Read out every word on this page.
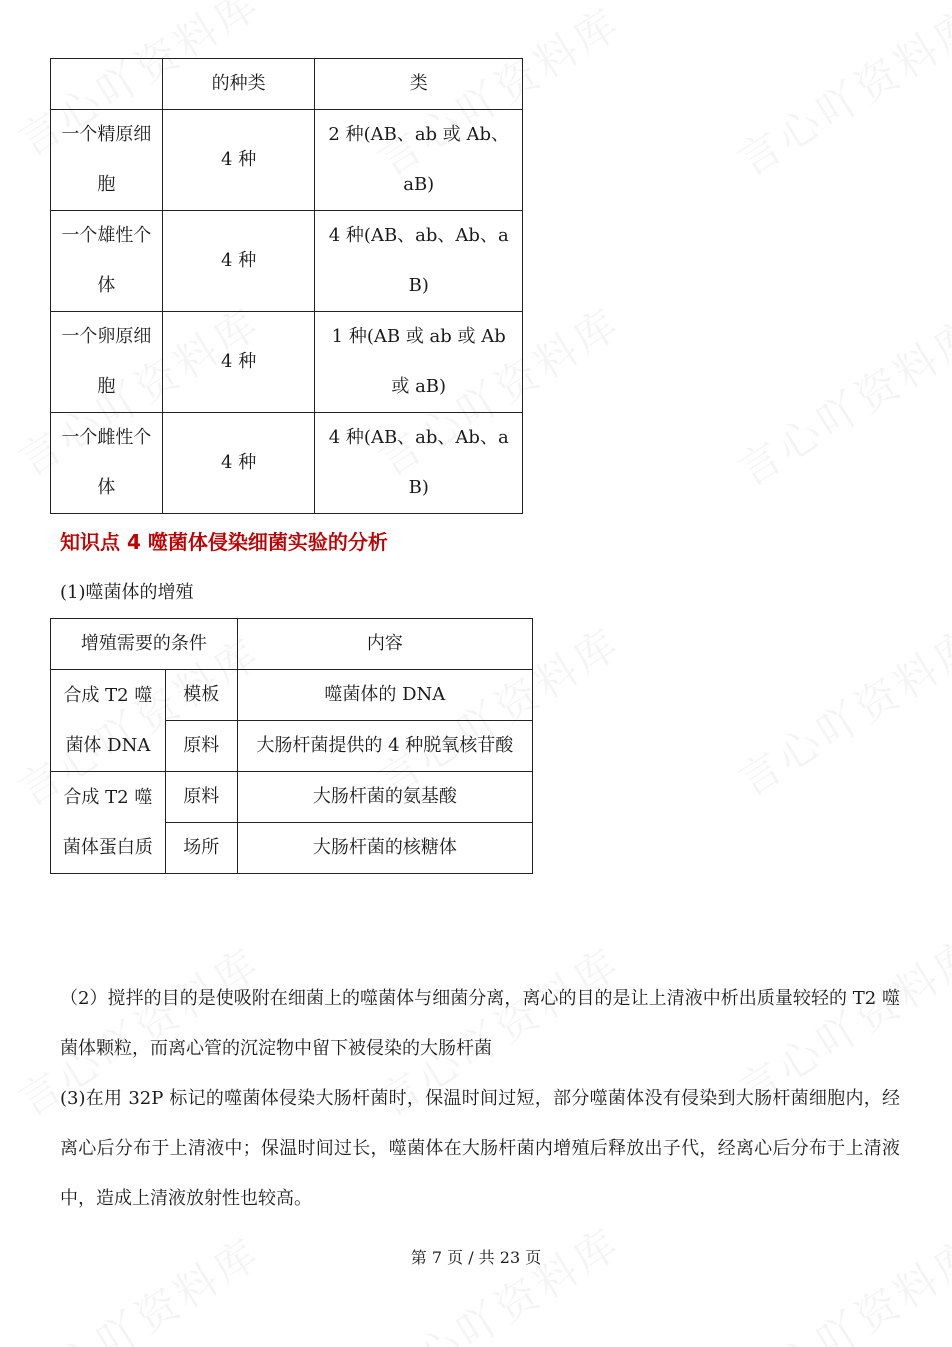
	的种类	类
一个精原细胞	4 种	2 种(AB、ab 或 Ab、aB)
一个雄性个体	4 种	4 种(AB、ab、Ab、aB)
一个卵原细胞	4 种	1 种(AB 或 ab 或 Ab 或 aB)
一个雌性个体	4 种	4 种(AB、ab、Ab、aB)
知识点 4 噬菌体侵染细菌实验的分析

(1)噬菌体的增殖

增殖需要的条件		内容
合成 T2 噬菌体 DNA	模板	噬菌体的 DNA
	原料	大肠杆菌提供的 4 种脱氧核苷酸
合成 T2 噬菌体蛋白质	原料	大肠杆菌的氨基酸
	场所	大肠杆菌的核糖体

（2）搅拌的目的是使吸附在细菌上的噬菌体与细菌分离，离心的目的是让上清液中析出质量较轻的 T2 噬菌体颗粒，而离心管的沉淀物中留下被侵染的大肠杆菌

(3)在用 32P 标记的噬菌体侵染大肠杆菌时，保温时间过短，部分噬菌体没有侵染到大肠杆菌细胞内，经离心后分布于上清液中；保温时间过长，噬菌体在大肠杆菌内增殖后释放出子代，经离心后分布于上清液中，造成上清液放射性也较高。

第 7 页 / 共 23 页
